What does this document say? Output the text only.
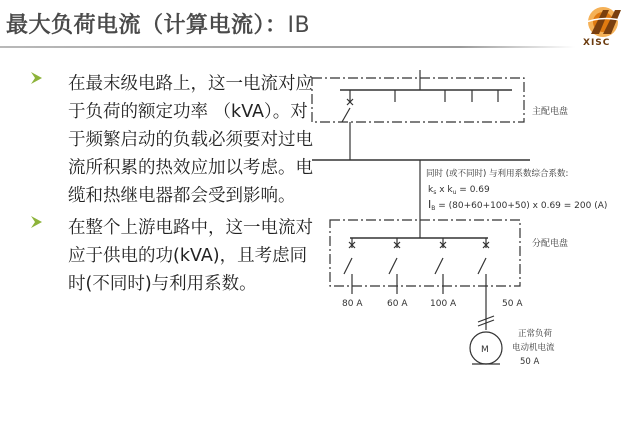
最大负荷电流（计算电流）：IB
XISC
在最末级电路上，这一电流对应于负荷的额定功率 （kVA）。对于频繁启动的负载必须要对过电流所积累的热效应加以考虑。电缆和热继电器都会受到影响。
在整个上游电路中，这一电流对应于供电的功(kVA)，且考虑同时(不同时)与利用系数。
主配电盘
分配电盘
同时 (或不同时) 与利用系数综合系数:
$k_s$ x $k_u = 0.69$
$I_B = (80+60+100+50)$ x 0.69 = 200 (A)
80 A	60 A	100 A	50 A
M
正常负荷
电动机电流
50 A
